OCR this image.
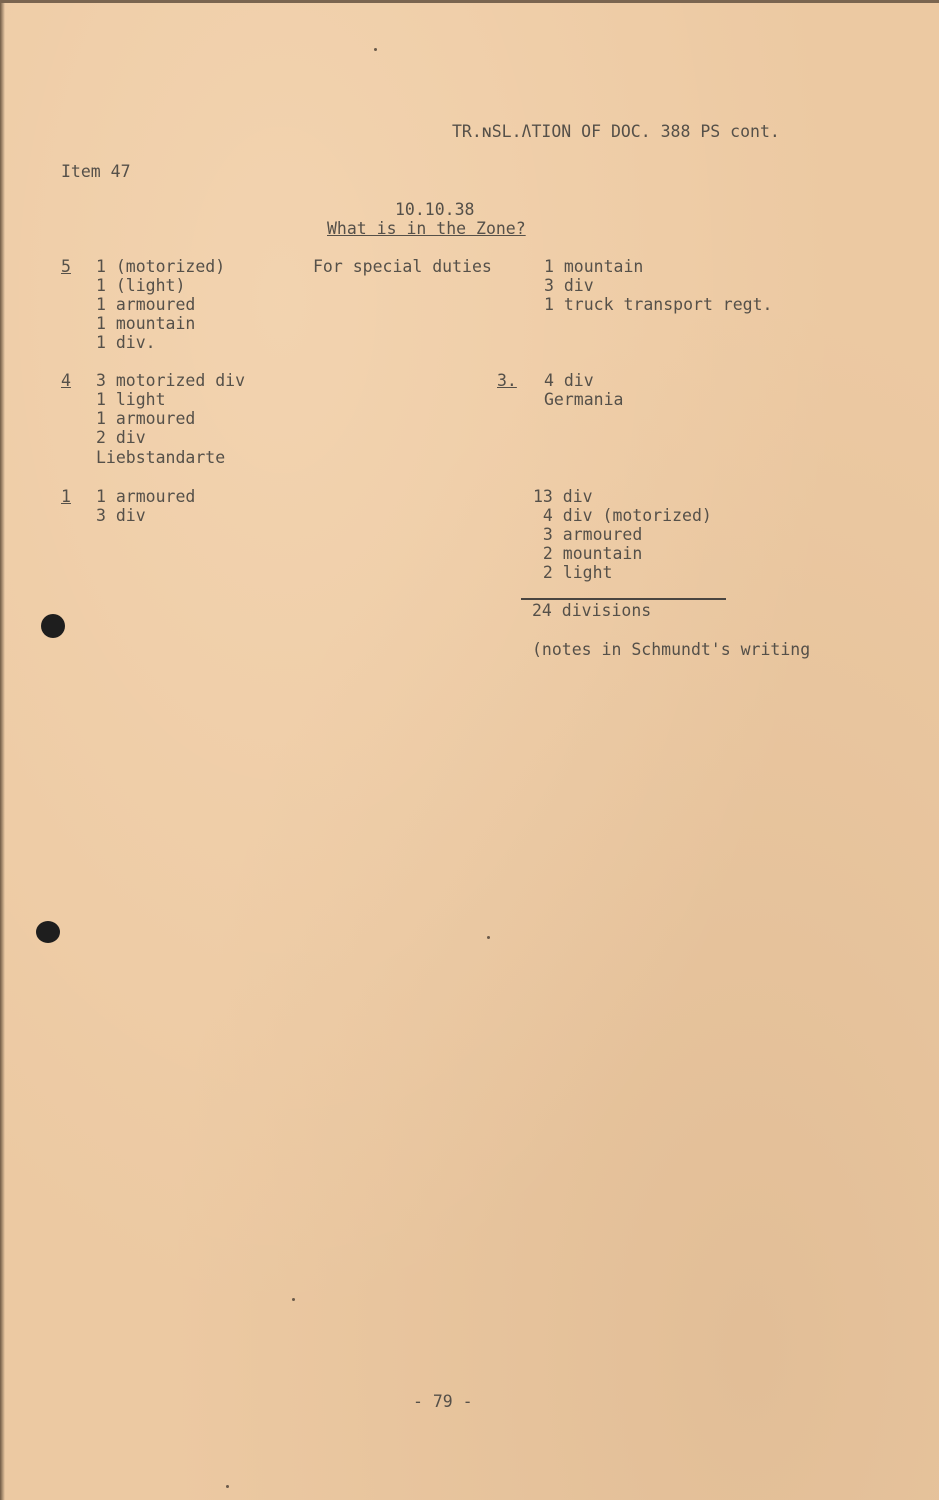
TR.ɴSL.ɅTION OF DOC. 388 PS cont.
Item 47
10.10.38
What is in the Zone?
5 1 (motorized)
1 (light)
1 armoured
1 mountain
1 div.
For special duties	1 mountain
3 div
1 truck transport regt.
4 3 motorized div
1 light
1 armoured
2 div
Liebstandarte
3. 4 div
Germania
1 1 armoured
3 div
13 div
4 div (motorized)
3 armoured
2 mountain
2 light
24 divisions
(notes in Schmundt's writing
- 79 -
